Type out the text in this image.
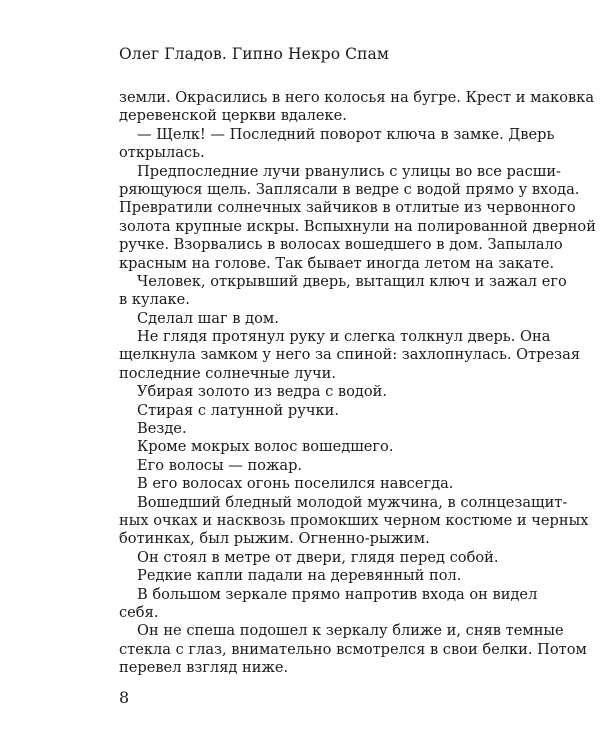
Олег Гладов. Гипно Некро Спам
земли. Окрасились в него колосья на бугре. Крест и маковка
деревенской церкви вдалеке.
— Щелк! — Последний поворот ключа в замке. Дверь
открылась.
Предпоследние лучи рванулись с улицы во все расши-
ряющуюся щель. Заплясали в ведре с водой прямо у входа.
Превратили солнечных зайчиков в отлитые из червонного
золота крупные искры. Вспыхнули на полированной дверной
ручке. Взорвались в волосах вошедшего в дом. Запылало
красным на голове. Так бывает иногда летом на закате.
Человек, открывший дверь, вытащил ключ и зажал его
в кулаке.
Сделал шаг в дом.
Не глядя протянул руку и слегка толкнул дверь. Она
щелкнула замком у него за спиной: захлопнулась. Отрезая
последние солнечные лучи.
Убирая золото из ведра с водой.
Стирая с латунной ручки.
Везде.
Кроме мокрых волос вошедшего.
Его волосы — пожар.
В его волосах огонь поселился навсегда.
Вошедший бледный молодой мужчина, в солнцезащит-
ных очках и насквозь промокших черном костюме и черных
ботинках, был рыжим. Огненно-рыжим.
Он стоял в метре от двери, глядя перед собой.
Редкие капли падали на деревянный пол.
В большом зеркале прямо напротив входа он видел
себя.
Он не спеша подошел к зеркалу ближе и, сняв темные
стекла с глаз, внимательно всмотрелся в свои белки. Потом
перевел взгляд ниже.
8
